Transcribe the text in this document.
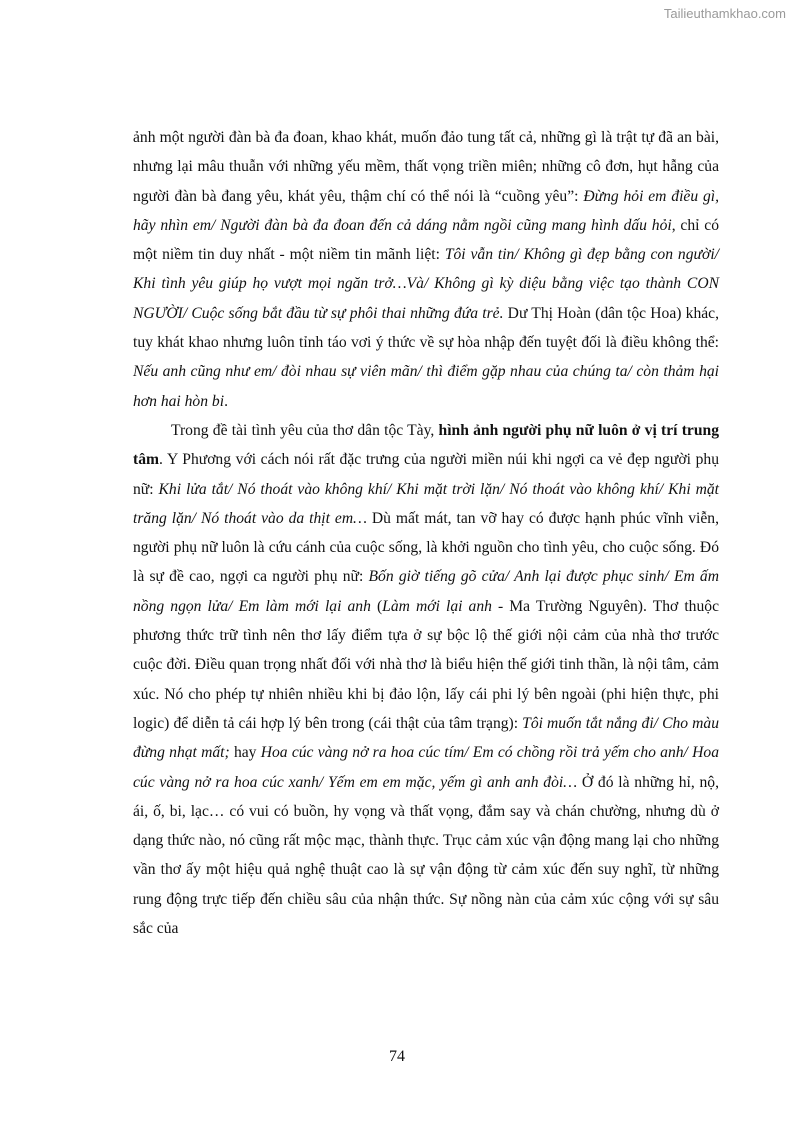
Tailieuthamkhao.com

ảnh một người đàn bà đa đoan, khao khát, muốn đảo tung tất cả, những gì là trật tự đã an bài, nhưng lại mâu thuẫn với những yếu mềm, thất vọng triền miên; những cô đơn, hụt hẫng của người đàn bà đang yêu, khát yêu, thậm chí có thể nói là “cuồng yêu”: Đừng hỏi em điều gì, hãy nhìn em/ Người đàn bà đa đoan đến cả dáng nằm ngồi cũng mang hình dấu hỏi, chỉ có một niềm tin duy nhất - một niềm tin mãnh liệt: Tôi vẫn tin/ Không gì đẹp bằng con người/ Khi tình yêu giúp họ vượt mọi ngăn trở…Và/ Không gì kỳ diệu bằng việc tạo thành CON NGƯỜI/ Cuộc sống bắt đầu từ sự phôi thai những đứa trẻ. Dư Thị Hoàn (dân tộc Hoa) khác, tuy khát khao nhưng luôn tỉnh táo vơi ý thức về sự hòa nhập đến tuyệt đối là điều không thể: Nếu anh cũng như em/ đòi nhau sự viên mãn/ thì điểm gặp nhau của chúng ta/ còn thảm hại hơn hai hòn bi.

Trong đề tài tình yêu của thơ dân tộc Tày, hình ảnh người phụ nữ luôn ở vị trí trung tâm. Y Phương với cách nói rất đặc trưng của người miền núi khi ngợi ca vẻ đẹp người phụ nữ: Khi lửa tắt/ Nó thoát vào không khí/ Khi mặt trời lặn/ Nó thoát vào không khí/ Khi mặt trăng lặn/ Nó thoát vào da thịt em… Dù mất mát, tan vỡ hay có được hạnh phúc vĩnh viễn, người phụ nữ luôn là cứu cánh của cuộc sống, là khởi nguồn cho tình yêu, cho cuộc sống. Đó là sự đề cao, ngợi ca người phụ nữ: Bốn giờ tiếng gõ cửa/ Anh lại được phục sinh/ Em ấm nồng ngọn lửa/ Em làm mới lại anh (Làm mới lại anh - Ma Trường Nguyên). Thơ thuộc phương thức trữ tình nên thơ lấy điểm tựa ở sự bộc lộ thế giới nội cảm của nhà thơ trước cuộc đời. Điều quan trọng nhất đối với nhà thơ là biểu hiện thế giới tinh thần, là nội tâm, cảm xúc. Nó cho phép tự nhiên nhiều khi bị đảo lộn, lấy cái phi lý bên ngoài (phi hiện thực, phi logic) để diễn tả cái hợp lý bên trong (cái thật của tâm trạng): Tôi muốn tắt nắng đi/ Cho màu đừng nhạt mất; hay Hoa cúc vàng nở ra hoa cúc tím/ Em có chồng rồi trả yếm cho anh/ Hoa cúc vàng nở ra hoa cúc xanh/ Yếm em em mặc, yếm gì anh anh đòi… Ở đó là những hỉ, nộ, ái, ố, bi, lạc… có vui có buồn, hy vọng và thất vọng, đắm say và chán chường, nhưng dù ở dạng thức nào, nó cũng rất mộc mạc, thành thực. Trục cảm xúc vận động mang lại cho những vần thơ ấy một hiệu quả nghệ thuật cao là sự vận động từ cảm xúc đến suy nghĩ, từ những rung động trực tiếp đến chiều sâu của nhận thức. Sự nồng nàn của cảm xúc cộng với sự sâu sắc của

74
